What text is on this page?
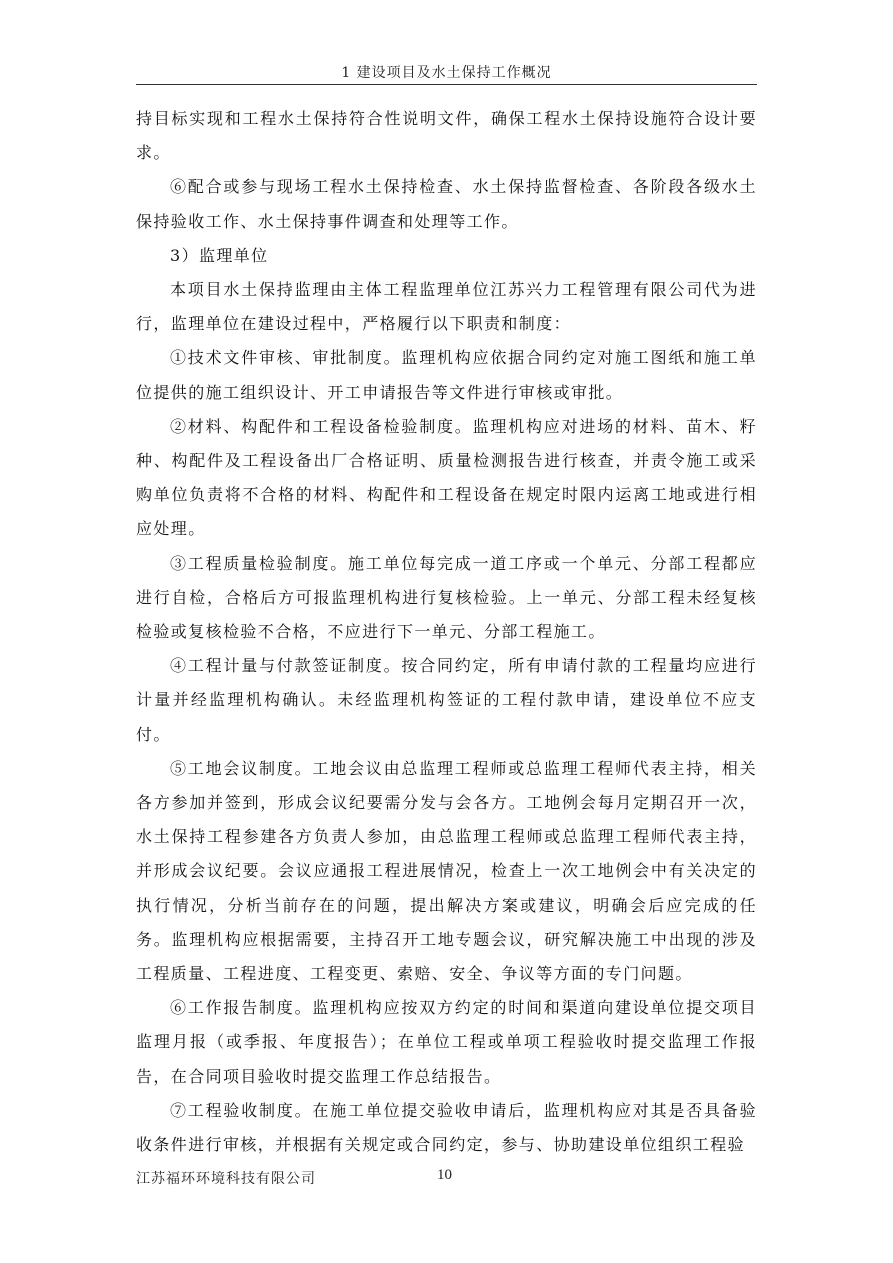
1 建设项目及水土保持工作概况

持目标实现和工程水土保持符合性说明文件，确保工程水土保持设施符合设计要求。

⑥配合或参与现场工程水土保持检查、水土保持监督检查、各阶段各级水土保持验收工作、水土保持事件调查和处理等工作。

3）监理单位

本项目水土保持监理由主体工程监理单位江苏兴力工程管理有限公司代为进行，监理单位在建设过程中，严格履行以下职责和制度：

①技术文件审核、审批制度。监理机构应依据合同约定对施工图纸和施工单位提供的施工组织设计、开工申请报告等文件进行审核或审批。

②材料、构配件和工程设备检验制度。监理机构应对进场的材料、苗木、籽种、构配件及工程设备出厂合格证明、质量检测报告进行核查，并责令施工或采购单位负责将不合格的材料、构配件和工程设备在规定时限内运离工地或进行相应处理。

③工程质量检验制度。施工单位每完成一道工序或一个单元、分部工程都应进行自检，合格后方可报监理机构进行复核检验。上一单元、分部工程未经复核检验或复核检验不合格，不应进行下一单元、分部工程施工。

④工程计量与付款签证制度。按合同约定，所有申请付款的工程量均应进行计量并经监理机构确认。未经监理机构签证的工程付款申请，建设单位不应支付。

⑤工地会议制度。工地会议由总监理工程师或总监理工程师代表主持，相关各方参加并签到，形成会议纪要需分发与会各方。工地例会每月定期召开一次，水土保持工程参建各方负责人参加，由总监理工程师或总监理工程师代表主持，并形成会议纪要。会议应通报工程进展情况，检查上一次工地例会中有关决定的执行情况，分析当前存在的问题，提出解决方案或建议，明确会后应完成的任务。监理机构应根据需要，主持召开工地专题会议，研究解决施工中出现的涉及工程质量、工程进度、工程变更、索赔、安全、争议等方面的专门问题。

⑥工作报告制度。监理机构应按双方约定的时间和渠道向建设单位提交项目监理月报（或季报、年度报告）；在单位工程或单项工程验收时提交监理工作报告，在合同项目验收时提交监理工作总结报告。

⑦工程验收制度。在施工单位提交验收申请后，监理机构应对其是否具备验收条件进行审核，并根据有关规定或合同约定，参与、协助建设单位组织工程验

江苏福环环境科技有限公司	10
